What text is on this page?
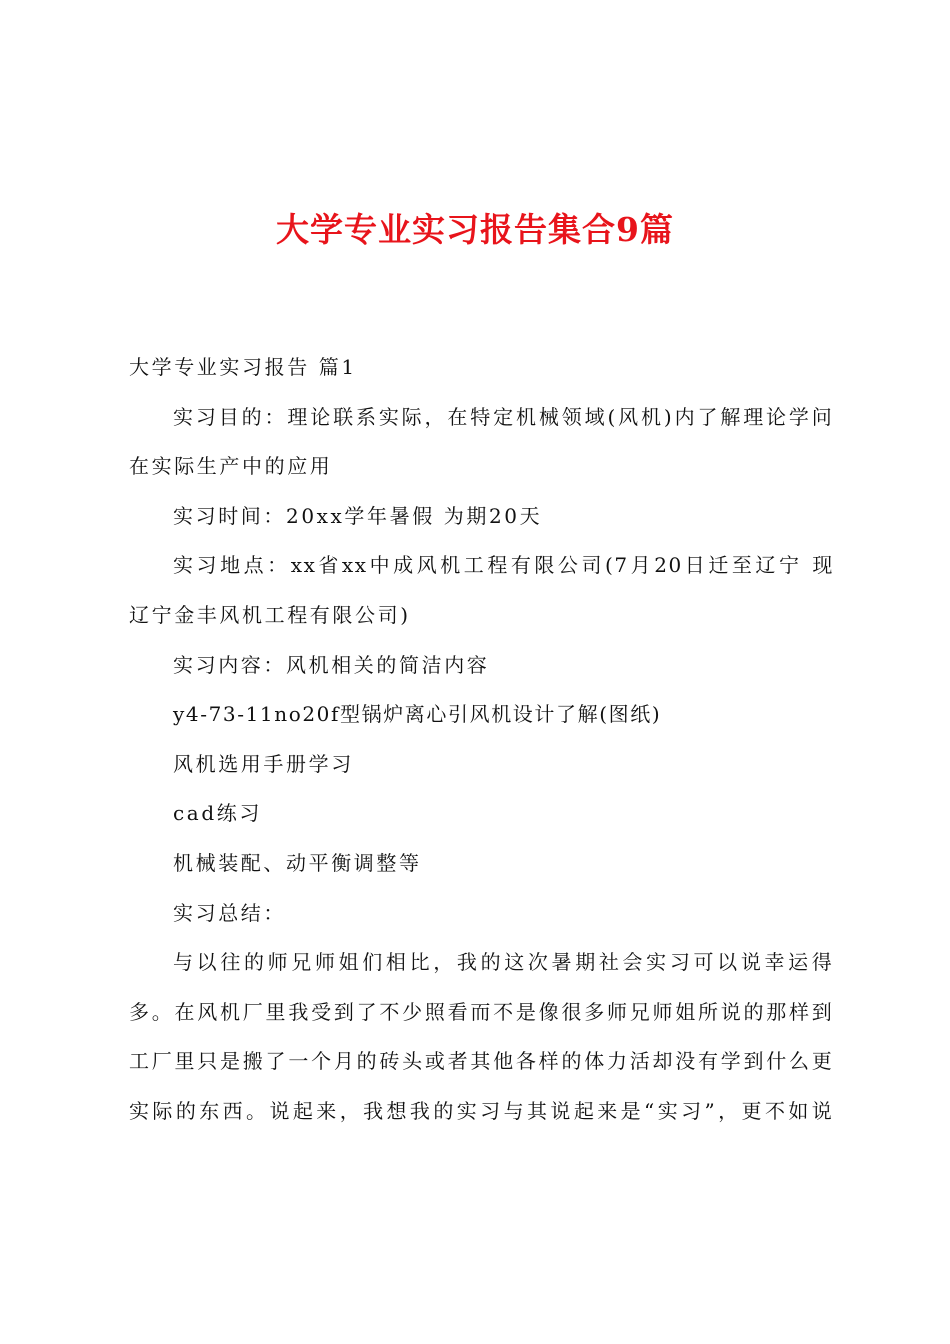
大学专业实习报告集合9篇
大学专业实习报告 篇1
实习目的：理论联系实际，在特定机械领域(风机)内了解理论学问
在实际生产中的应用
实习时间：20xx学年暑假 为期20天
实习地点：xx省xx中成风机工程有限公司(7月20日迁至辽宁 现
辽宁金丰风机工程有限公司)
实习内容：风机相关的简洁内容
y4-73-11no20f型锅炉离心引风机设计了解(图纸)
风机选用手册学习
cad练习
机械装配、动平衡调整等
实习总结：
与以往的师兄师姐们相比，我的这次暑期社会实习可以说幸运得
多。在风机厂里我受到了不少照看而不是像很多师兄师姐所说的那样到
工厂里只是搬了一个月的砖头或者其他各样的体力活却没有学到什么更
实际的东西。说起来，我想我的实习与其说起来是“实习”，更不如说
